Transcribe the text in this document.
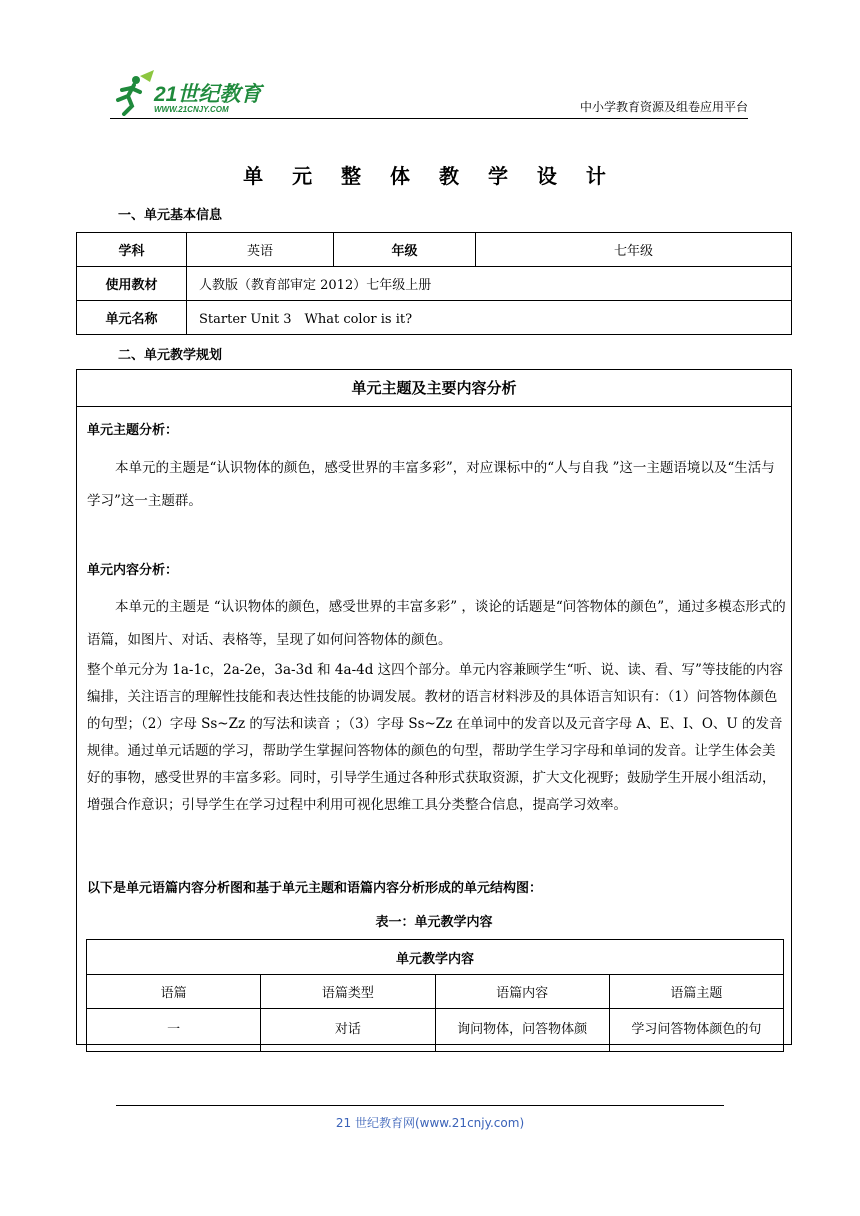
21世纪教育
WWW.21CNJY.COM	中小学教育资源及组卷应用平台
单 元 整 体 教 学 设 计
一、单元基本信息
学科	英语	年级	七年级
使用教材	人教版（教育部审定 2012）七年级上册		
单元名称	Starter Unit 3　What color is it?		
二、单元教学规划
单元主题及主要内容分析
单元主题分析：
本单元的主题是“认识物体的颜色，感受世界的丰富多彩”，对应课标中的“人与自我 ”这一主题语境以及“生活与学习”这一主题群。
单元内容分析：
本单元的主题是 “认识物体的颜色，感受世界的丰富多彩” ，谈论的话题是“问答物体的颜色”，通过多模态形式的语篇，如图片、对话、表格等，呈现了如何问答物体的颜色。
整个单元分为 1a-1c，2a-2e，3a-3d 和 4a-4d 这四个部分。单元内容兼顾学生“听、说、读、看、写”等技能的内容编排，关注语言的理解性技能和表达性技能的协调发展。教材的语言材料涉及的具体语言知识有：（1）问答物体颜色的句型；（2）字母 Ss~Zz 的写法和读音 ；（3）字母 Ss~Zz 在单词中的发音以及元音字母 A、E、I、O、U 的发音规律。通过单元话题的学习，帮助学生掌握问答物体的颜色的句型，帮助学生学习字母和单词的发音。让学生体会美好的事物，感受世界的丰富多彩。同时，引导学生通过各种形式获取资源，扩大文化视野；鼓励学生开展小组活动，增强合作意识；引导学生在学习过程中利用可视化思维工具分类整合信息，提高学习效率。
以下是单元语篇内容分析图和基于单元主题和语篇内容分析形成的单元结构图：
表一：单元教学内容
单元教学内容			
语篇	语篇类型	语篇内容	语篇主题
一	对话	询问物体，问答物体颜	学习问答物体颜色的句
21 世纪教育网(www.21cnjy.com)
